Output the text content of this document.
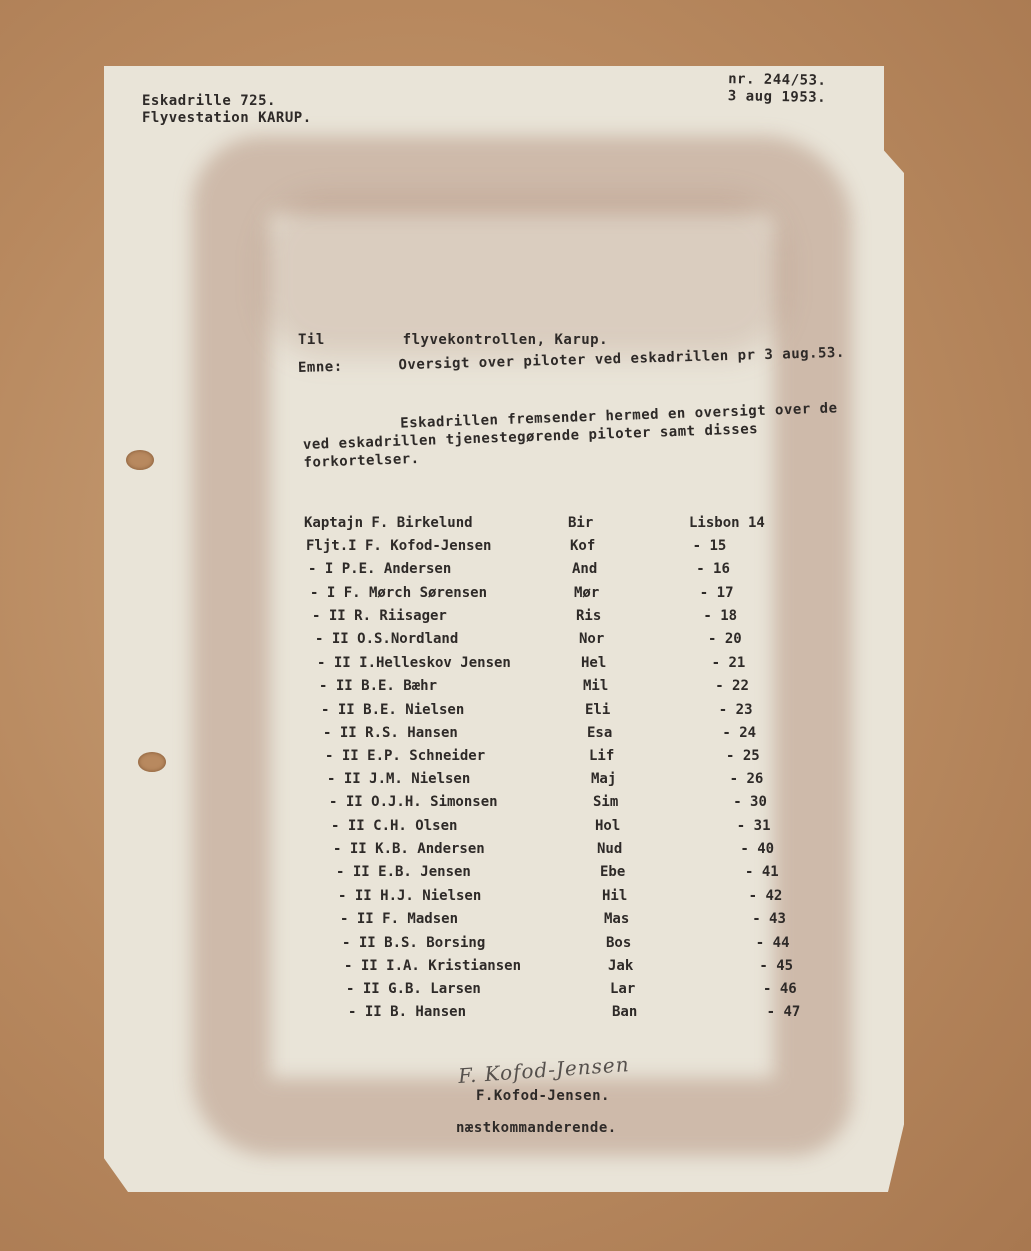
Eskadrille 725.
Flyvestation KARUP.
nr. 244/53.
3 aug 1953.
Til	flyvekontrollen, Karup.
Emne:	Oversigt over piloter ved eskadrillen pr 3 aug.53.
Eskadrillen fremsender hermed en oversigt over de ved eskadrillen tjenestegørende piloter samt disses forkortelser.
Kaptajn F. Birkelund	Bir	Lisbon 14
Fljt.I F. Kofod-Jensen	Kof	- 15
- I P.E. Andersen	And	- 16
- I F. Mørch Sørensen	Mør	- 17
- II R. Riisager	Ris	- 18
- II O.S.Nordland	Nor	- 20
- II I.Helleskov Jensen	Hel	- 21
- II B.E. Bæhr	Mil	- 22
- II B.E. Nielsen	Eli	- 23
- II R.S. Hansen	Esa	- 24
- II E.P. Schneider	Lif	- 25
- II J.M. Nielsen	Maj	- 26
- II O.J.H. Simonsen	Sim	- 30
- II C.H. Olsen	Hol	- 31
- II K.B. Andersen	Nud	- 40
- II E.B. Jensen	Ebe	- 41
- II H.J. Nielsen	Hil	- 42
- II F. Madsen	Mas	- 43
- II B.S. Borsing	Bos	- 44
- II I.A. Kristiansen	Jak	- 45
- II G.B. Larsen	Lar	- 46
- II B. Hansen	Ban	- 47
F. Kofod-Jensen
F.Kofod-Jensen.
næstkommanderende.
